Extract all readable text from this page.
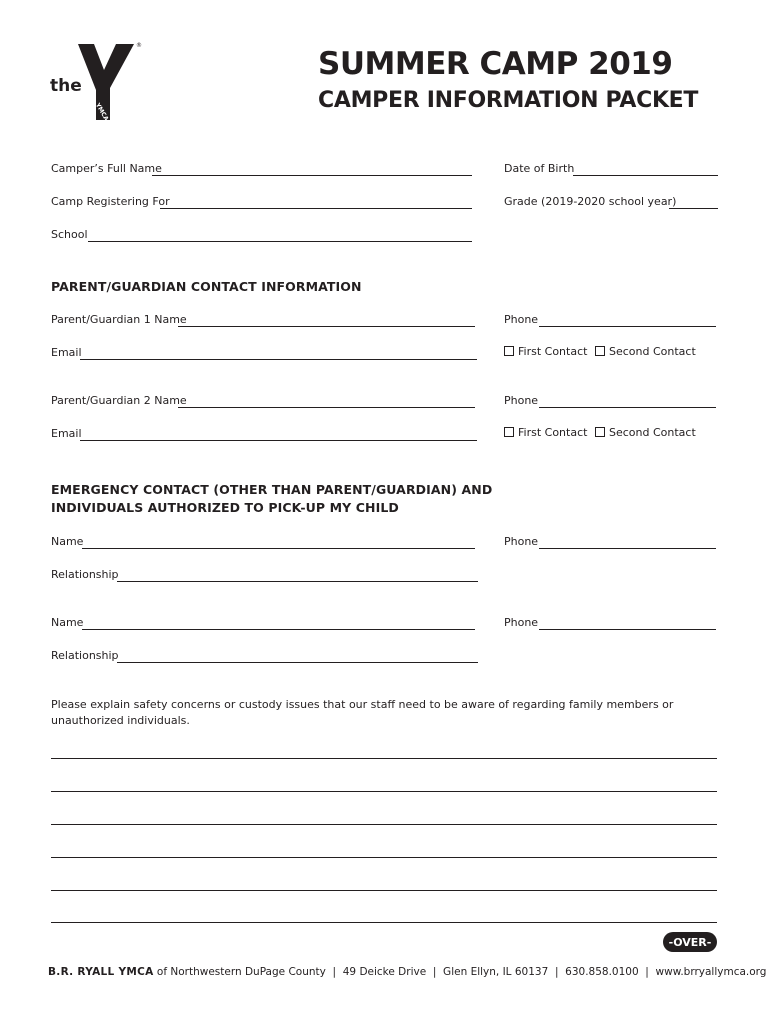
the
®
YMCA
SUMMER CAMP 2019
CAMPER INFORMATION PACKET
Camper’s Full Name	Date of Birth
Camp Registering For	Grade (2019-2020 school year)
School
PARENT/GUARDIAN CONTACT INFORMATION
Parent/Guardian 1 Name	Phone
Email	First Contact	Second Contact
Parent/Guardian 2 Name	Phone
Email	First Contact	Second Contact
EMERGENCY CONTACT (OTHER THAN PARENT/GUARDIAN) AND
INDIVIDUALS AUTHORIZED TO PICK-UP MY CHILD
Name	Phone
Relationship
Name	Phone
Relationship
Please explain safety concerns or custody issues that our staff need to be aware of regarding family members or unauthorized individuals.
-OVER-
B.R. RYALL YMCA of Northwestern DuPage County  |  49 Deicke Drive  |  Glen Ellyn, IL 60137  |  630.858.0100  |  www.brryallymca.org
